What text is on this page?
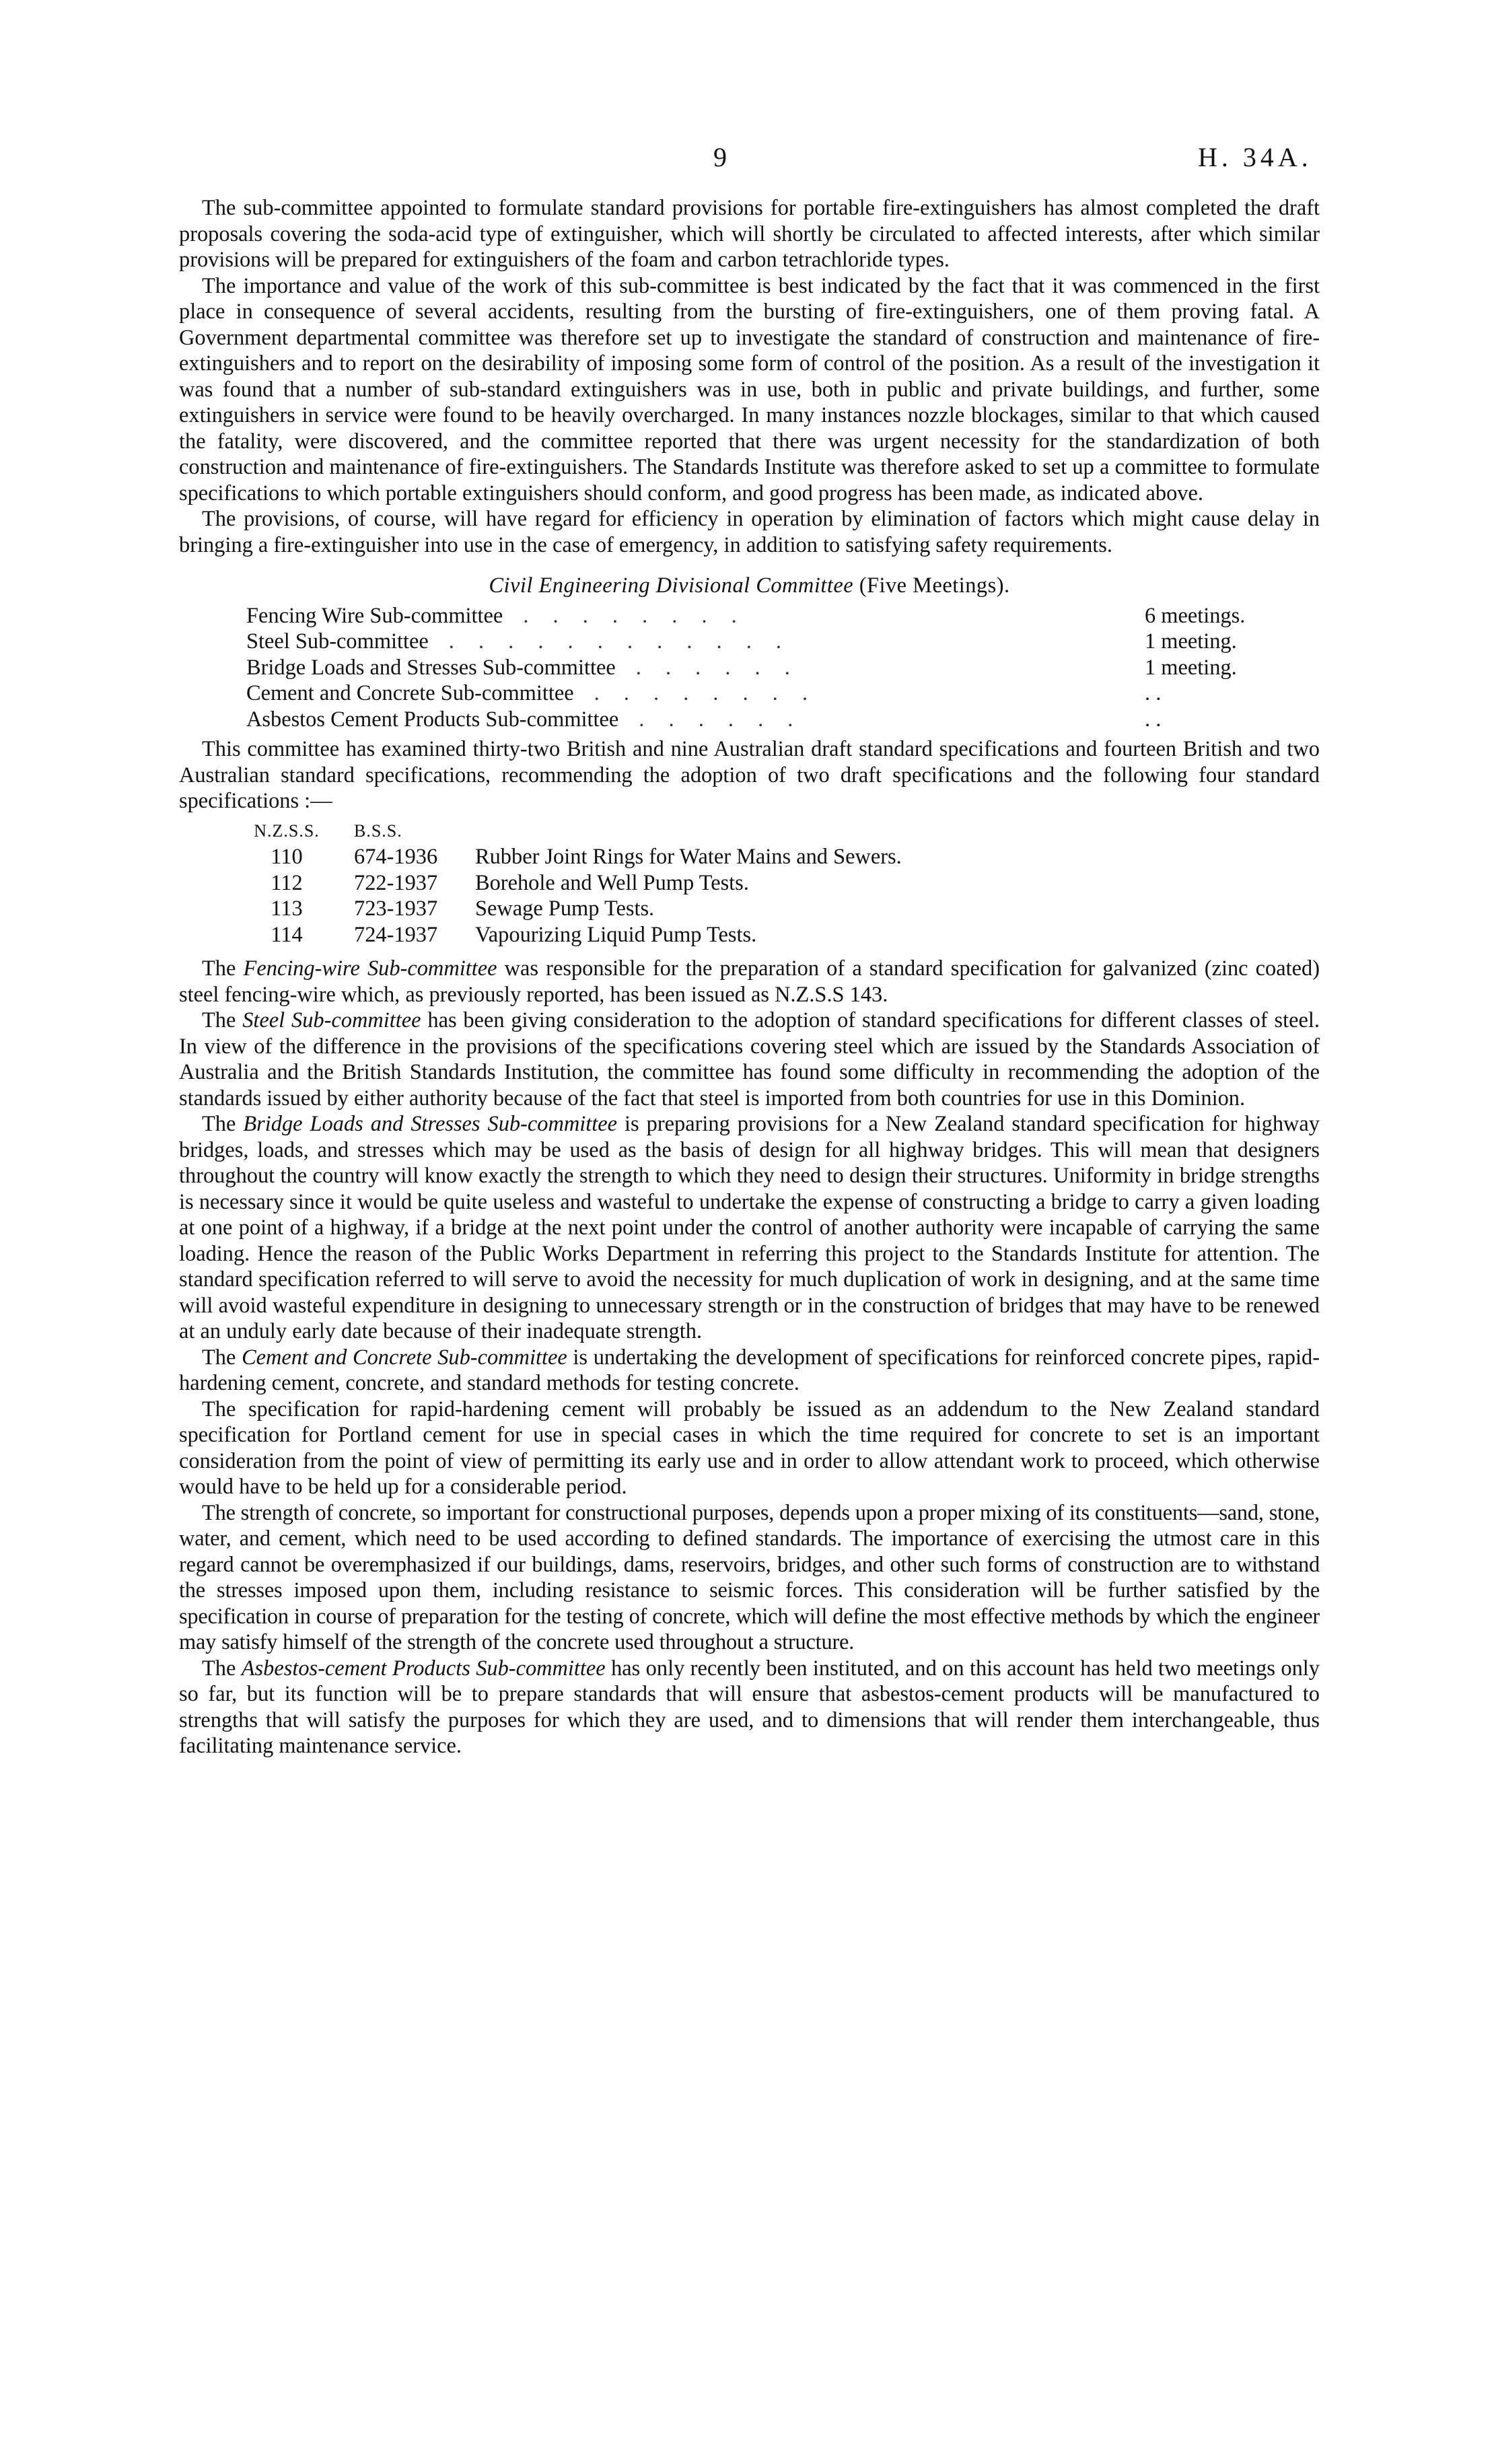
9	H. 34A.

The sub-committee appointed to formulate standard provisions for portable fire-extinguishers has almost completed the draft proposals covering the soda-acid type of extinguisher, which will shortly be circulated to affected interests, after which similar provisions will be prepared for extinguishers of the foam and carbon tetrachloride types.

The importance and value of the work of this sub-committee is best indicated by the fact that it was commenced in the first place in consequence of several accidents, resulting from the bursting of fire-extinguishers, one of them proving fatal. A Government departmental committee was therefore set up to investigate the standard of construction and maintenance of fire-extinguishers and to report on the desirability of imposing some form of control of the position. As a result of the investigation it was found that a number of sub-standard extinguishers was in use, both in public and private buildings, and further, some extinguishers in service were found to be heavily overcharged. In many instances nozzle blockages, similar to that which caused the fatality, were discovered, and the committee reported that there was urgent necessity for the standardization of both construction and maintenance of fire-extinguishers. The Standards Institute was therefore asked to set up a committee to formulate specifications to which portable extinguishers should conform, and good progress has been made, as indicated above.

The provisions, of course, will have regard for efficiency in operation by elimination of factors which might cause delay in bringing a fire-extinguisher into use in the case of emergency, in addition to satisfying safety requirements.

Civil Engineering Divisional Committee (Five Meetings).
Fencing Wire Sub-committee . . . . . . . .	6 meetings.
Steel Sub-committee . . . . . . . . . . . .	1 meeting.
Bridge Loads and Stresses Sub-committee . . . . . .	1 meeting.
Cement and Concrete Sub-committee . . . . . . . .	. .
Asbestos Cement Products Sub-committee . . . . . .	. .

This committee has examined thirty-two British and nine Australian draft standard specifications and fourteen British and two Australian standard specifications, recommending the adoption of two draft specifications and the following four standard specifications :—

N.Z.S.S.	B.S.S.
110	674-1936	Rubber Joint Rings for Water Mains and Sewers.
112	722-1937	Borehole and Well Pump Tests.
113	723-1937	Sewage Pump Tests.
114	724-1937	Vapourizing Liquid Pump Tests.

The Fencing-wire Sub-committee was responsible for the preparation of a standard specification for galvanized (zinc coated) steel fencing-wire which, as previously reported, has been issued as N.Z.S.S 143.

The Steel Sub-committee has been giving consideration to the adoption of standard specifications for different classes of steel. In view of the difference in the provisions of the specifications covering steel which are issued by the Standards Association of Australia and the British Standards Institution, the committee has found some difficulty in recommending the adoption of the standards issued by either authority because of the fact that steel is imported from both countries for use in this Dominion.

The Bridge Loads and Stresses Sub-committee is preparing provisions for a New Zealand standard specification for highway bridges, loads, and stresses which may be used as the basis of design for all highway bridges. This will mean that designers throughout the country will know exactly the strength to which they need to design their structures. Uniformity in bridge strengths is necessary since it would be quite useless and wasteful to undertake the expense of constructing a bridge to carry a given loading at one point of a highway, if a bridge at the next point under the control of another authority were incapable of carrying the same loading. Hence the reason of the Public Works Department in referring this project to the Standards Institute for attention. The standard specification referred to will serve to avoid the necessity for much duplication of work in designing, and at the same time will avoid wasteful expenditure in designing to unnecessary strength or in the construction of bridges that may have to be renewed at an unduly early date because of their inadequate strength.

The Cement and Concrete Sub-committee is undertaking the development of specifications for reinforced concrete pipes, rapid-hardening cement, concrete, and standard methods for testing concrete.

The specification for rapid-hardening cement will probably be issued as an addendum to the New Zealand standard specification for Portland cement for use in special cases in which the time required for concrete to set is an important consideration from the point of view of permitting its early use and in order to allow attendant work to proceed, which otherwise would have to be held up for a considerable period.

The strength of concrete, so important for constructional purposes, depends upon a proper mixing of its constituents—sand, stone, water, and cement, which need to be used according to defined standards. The importance of exercising the utmost care in this regard cannot be overemphasized if our buildings, dams, reservoirs, bridges, and other such forms of construction are to withstand the stresses imposed upon them, including resistance to seismic forces. This consideration will be further satisfied by the specification in course of preparation for the testing of concrete, which will define the most effective methods by which the engineer may satisfy himself of the strength of the concrete used throughout a structure.

The Asbestos-cement Products Sub-committee has only recently been instituted, and on this account has held two meetings only so far, but its function will be to prepare standards that will ensure that asbestos-cement products will be manufactured to strengths that will satisfy the purposes for which they are used, and to dimensions that will render them interchangeable, thus facilitating maintenance service.
